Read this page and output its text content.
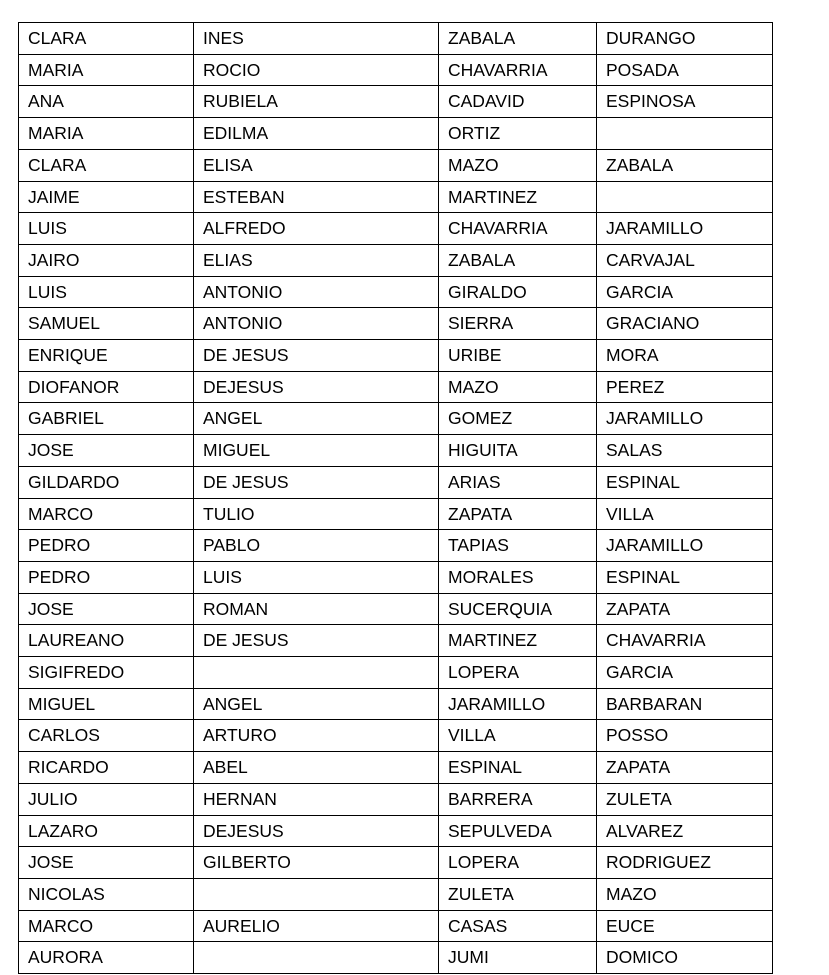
CLARA	INES	ZABALA	DURANGO
MARIA	ROCIO	CHAVARRIA	POSADA
ANA	RUBIELA	CADAVID	ESPINOSA
MARIA	EDILMA	ORTIZ	
CLARA	ELISA	MAZO	ZABALA
JAIME	ESTEBAN	MARTINEZ	
LUIS	ALFREDO	CHAVARRIA	JARAMILLO
JAIRO	ELIAS	ZABALA	CARVAJAL
LUIS	ANTONIO	GIRALDO	GARCIA
SAMUEL	ANTONIO	SIERRA	GRACIANO
ENRIQUE	DE JESUS	URIBE	MORA
DIOFANOR	DEJESUS	MAZO	PEREZ
GABRIEL	ANGEL	GOMEZ	JARAMILLO
JOSE	MIGUEL	HIGUITA	SALAS
GILDARDO	DE JESUS	ARIAS	ESPINAL
MARCO	TULIO	ZAPATA	VILLA
PEDRO	PABLO	TAPIAS	JARAMILLO
PEDRO	LUIS	MORALES	ESPINAL
JOSE	ROMAN	SUCERQUIA	ZAPATA
LAUREANO	DE JESUS	MARTINEZ	CHAVARRIA
SIGIFREDO		LOPERA	GARCIA
MIGUEL	ANGEL	JARAMILLO	BARBARAN
CARLOS	ARTURO	VILLA	POSSO
RICARDO	ABEL	ESPINAL	ZAPATA
JULIO	HERNAN	BARRERA	ZULETA
LAZARO	DEJESUS	SEPULVEDA	ALVAREZ
JOSE	GILBERTO	LOPERA	RODRIGUEZ
NICOLAS		ZULETA	MAZO
MARCO	AURELIO	CASAS	EUCE
AURORA		JUMI	DOMICO
